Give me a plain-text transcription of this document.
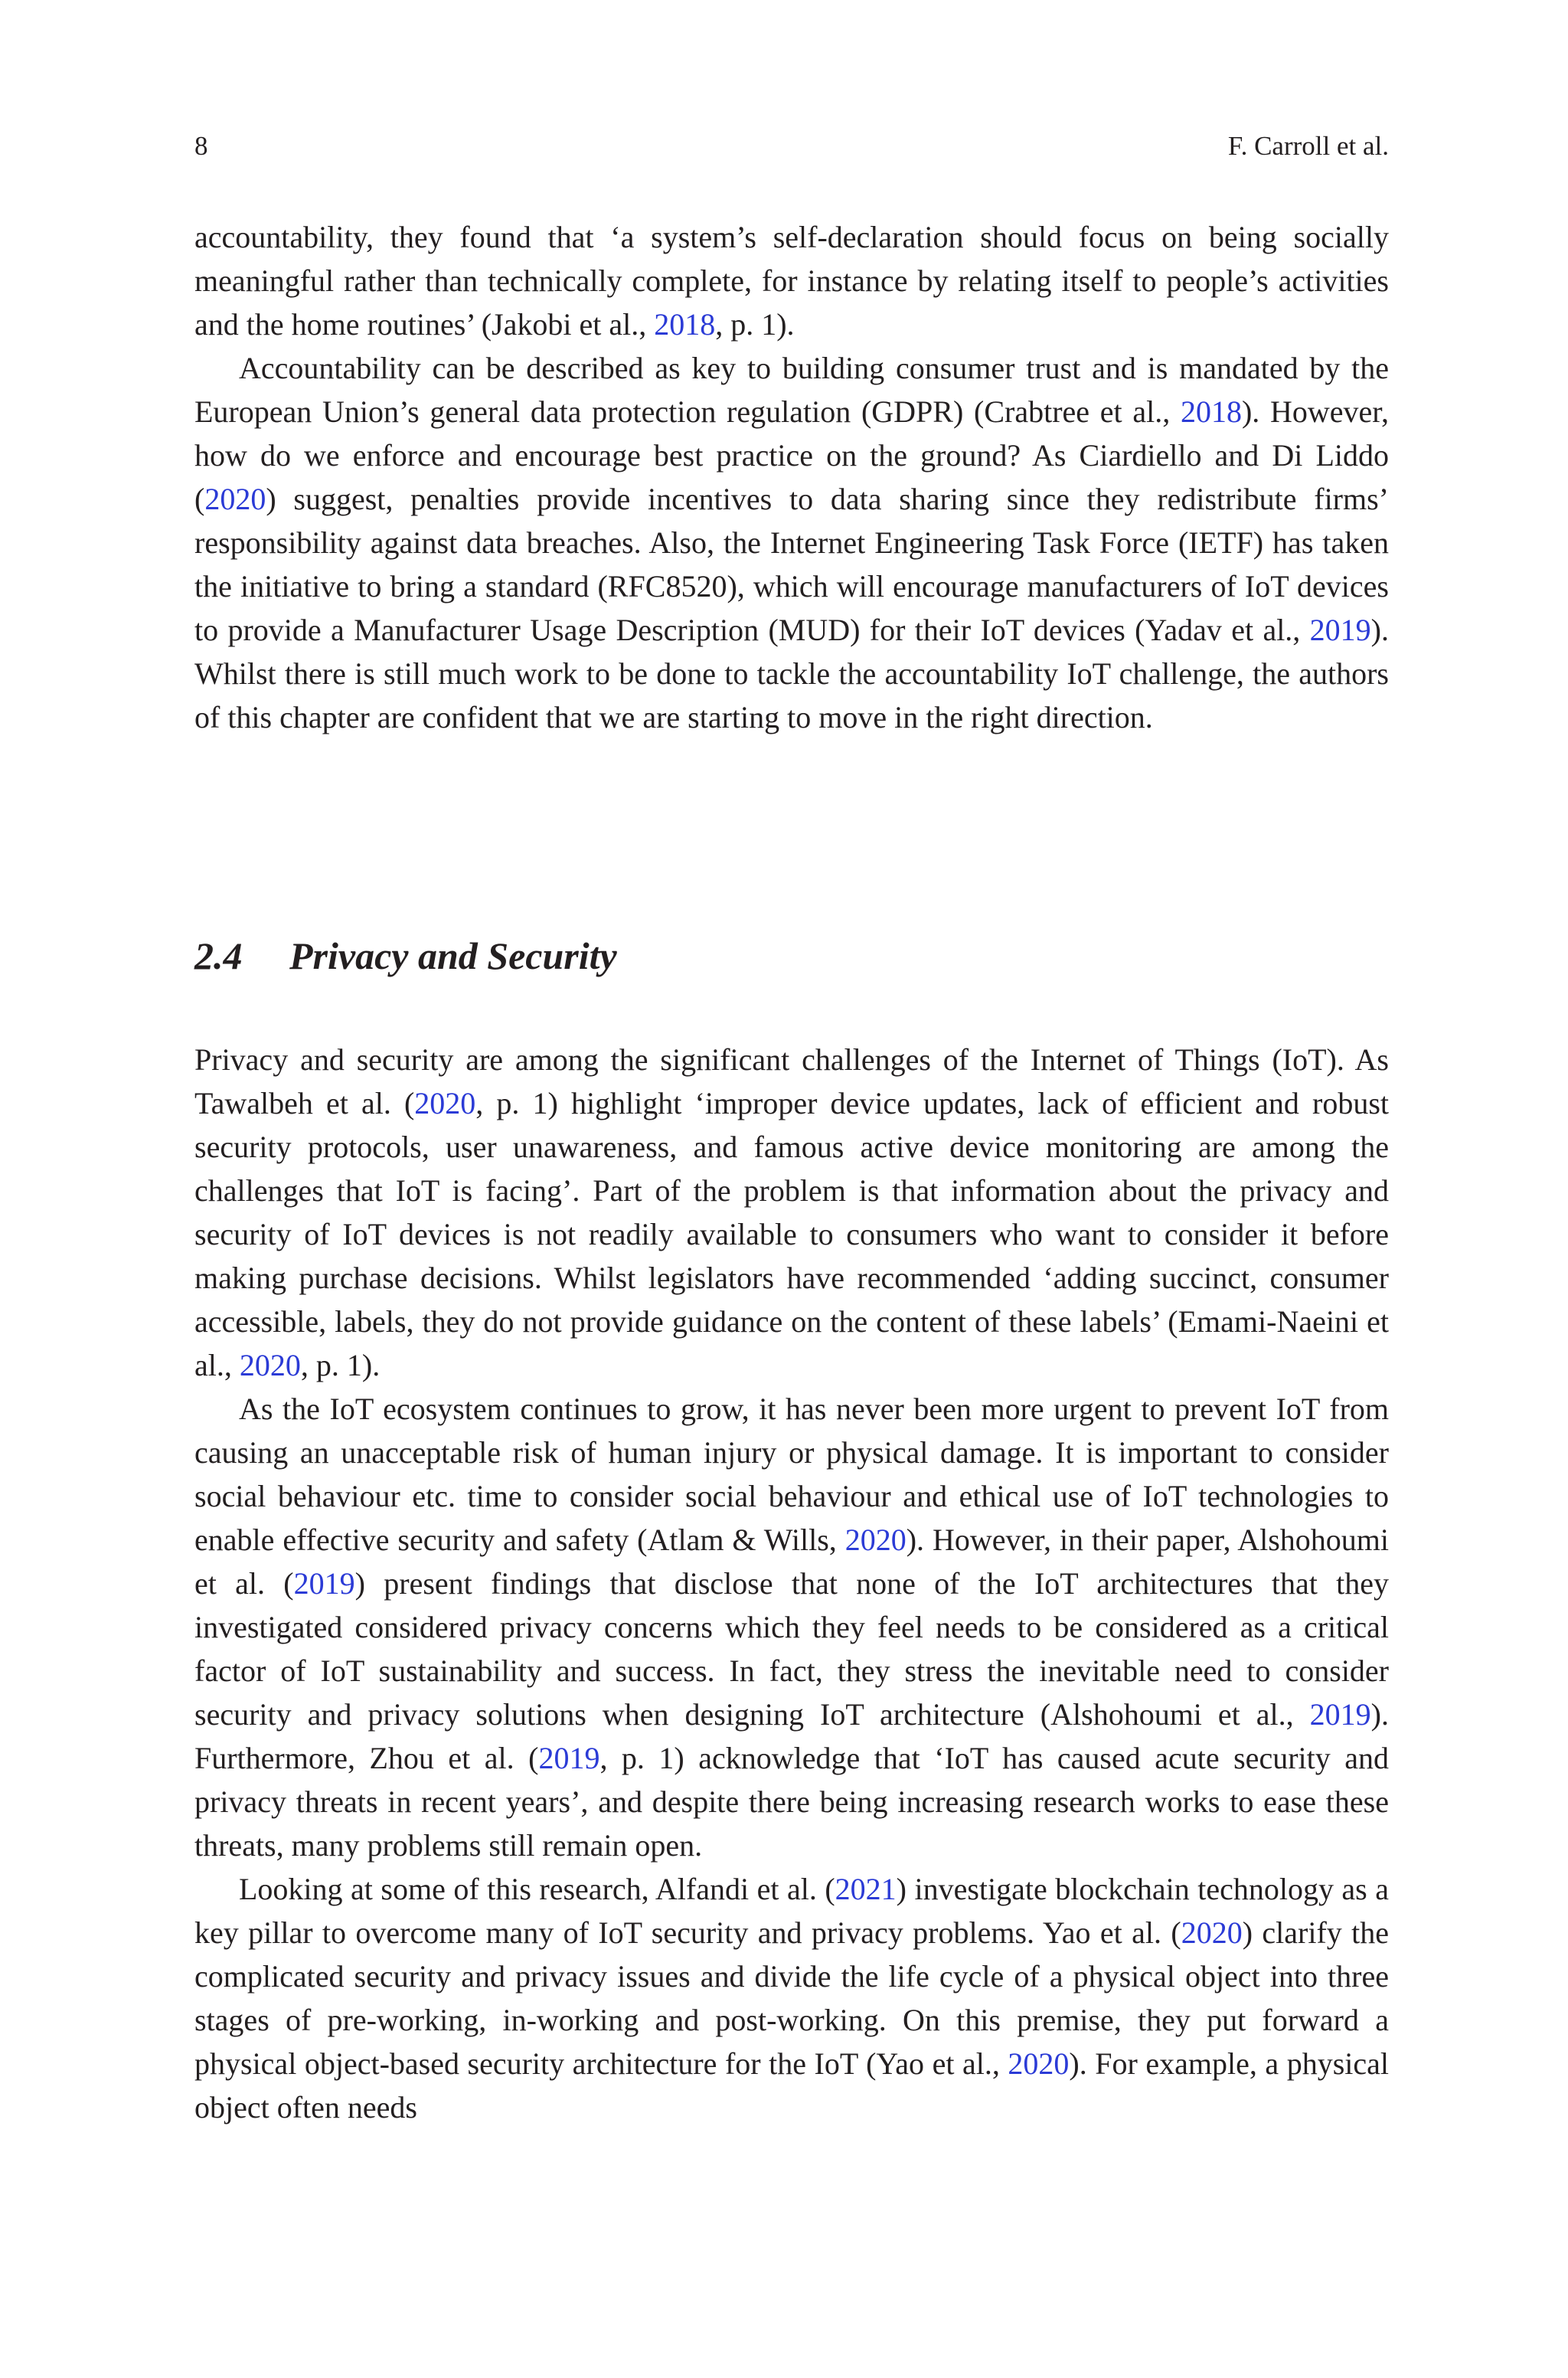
8	F. Carroll et al.

accountability, they found that ‘a system’s self-declaration should focus on being socially meaningful rather than technically complete, for instance by relating itself to people’s activities and the home routines’ (Jakobi et al., 2018, p. 1).

Accountability can be described as key to building consumer trust and is mandated by the European Union’s general data protection regulation (GDPR) (Crabtree et al., 2018). However, how do we enforce and encourage best practice on the ground? As Ciardiello and Di Liddo (2020) suggest, penalties provide incentives to data sharing since they redistribute firms’ responsibility against data breaches. Also, the Internet Engineering Task Force (IETF) has taken the initiative to bring a standard (RFC8520), which will encourage manufacturers of IoT devices to provide a Manufacturer Usage Description (MUD) for their IoT devices (Yadav et al., 2019). Whilst there is still much work to be done to tackle the accountability IoT challenge, the authors of this chapter are confident that we are starting to move in the right direction.

2.4 Privacy and Security

Privacy and security are among the significant challenges of the Internet of Things (IoT). As Tawalbeh et al. (2020, p. 1) highlight ‘improper device updates, lack of efficient and robust security protocols, user unawareness, and famous active device monitoring are among the challenges that IoT is facing’. Part of the problem is that information about the privacy and security of IoT devices is not readily available to consumers who want to consider it before making purchase decisions. Whilst legislators have recommended ‘adding succinct, consumer accessible, labels, they do not provide guidance on the content of these labels’ (Emami-Naeini et al., 2020, p. 1).

As the IoT ecosystem continues to grow, it has never been more urgent to prevent IoT from causing an unacceptable risk of human injury or physical damage. It is important to consider social behaviour etc. time to consider social behaviour and ethical use of IoT technologies to enable effective security and safety (Atlam & Wills, 2020). However, in their paper, Alshohoumi et al. (2019) present findings that disclose that none of the IoT architectures that they investigated considered privacy concerns which they feel needs to be considered as a critical factor of IoT sustainability and success. In fact, they stress the inevitable need to consider security and privacy solutions when designing IoT architecture (Alshohoumi et al., 2019). Furthermore, Zhou et al. (2019, p. 1) acknowledge that ‘IoT has caused acute security and privacy threats in recent years’, and despite there being increasing research works to ease these threats, many problems still remain open.

Looking at some of this research, Alfandi et al. (2021) investigate blockchain technology as a key pillar to overcome many of IoT security and privacy problems. Yao et al. (2020) clarify the complicated security and privacy issues and divide the life cycle of a physical object into three stages of pre-working, in-working and post-working. On this premise, they put forward a physical object-based security architecture for the IoT (Yao et al., 2020). For example, a physical object often needs
